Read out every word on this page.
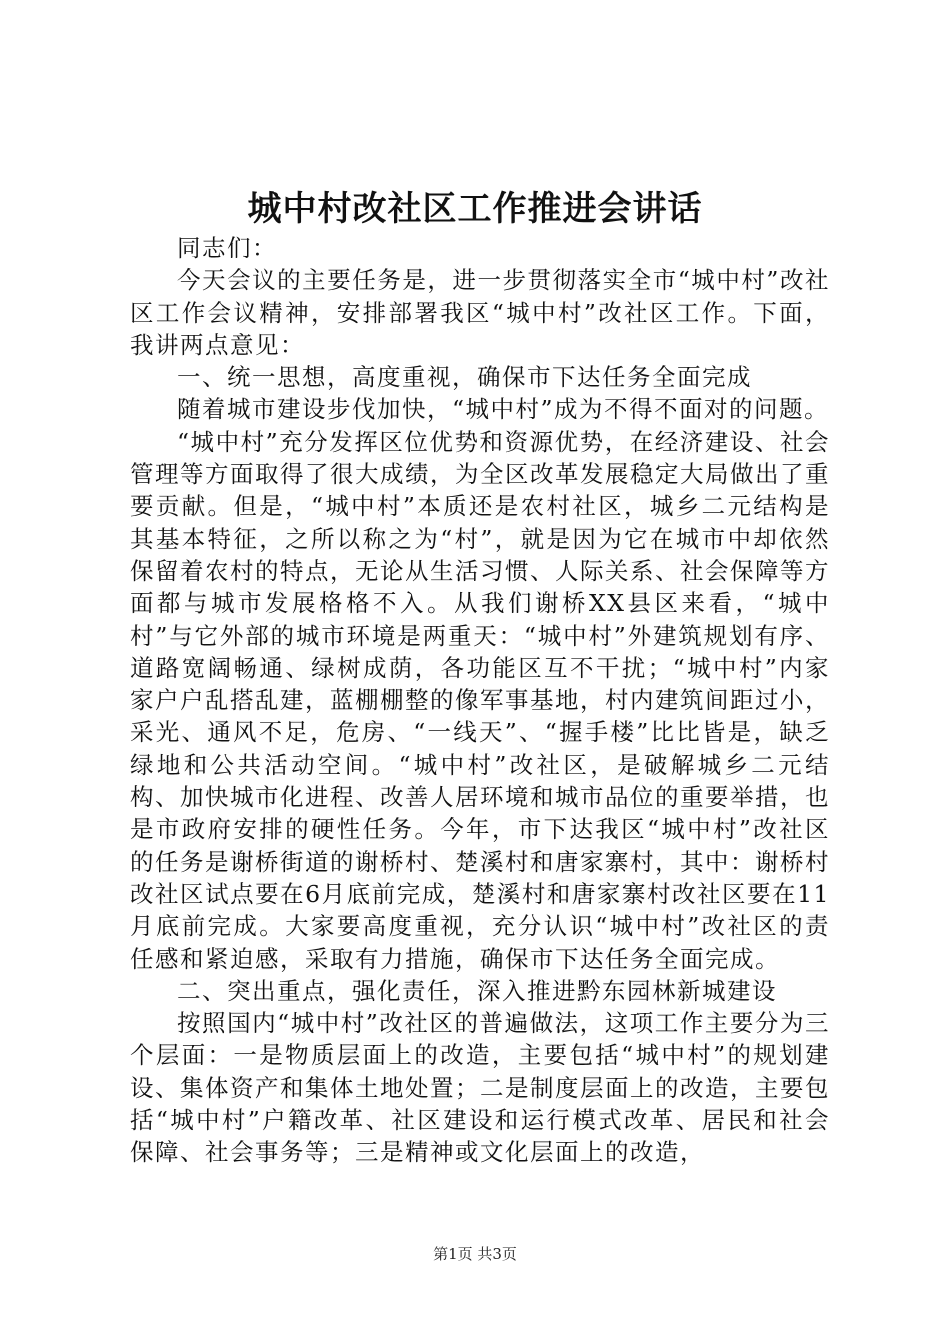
城中村改社区工作推进会讲话

同志们：

今天会议的主要任务是，进一步贯彻落实全市“城中村”改社区工作会议精神，安排部署我区“城中村”改社区工作。下面，我讲两点意见：

一、统一思想，高度重视，确保市下达任务全面完成

随着城市建设步伐加快，“城中村”成为不得不面对的问题。

“城中村”充分发挥区位优势和资源优势，在经济建设、社会管理等方面取得了很大成绩，为全区改革发展稳定大局做出了重要贡献。但是，“城中村”本质还是农村社区，城乡二元结构是其基本特征，之所以称之为“村”，就是因为它在城市中却依然保留着农村的特点，无论从生活习惯、人际关系、社会保障等方面都与城市发展格格不入。从我们谢桥XX县区来看，“城中村”与它外部的城市环境是两重天：“城中村”外建筑规划有序、道路宽阔畅通、绿树成荫，各功能区互不干扰；“城中村”内家家户户乱搭乱建，蓝棚棚整的像军事基地，村内建筑间距过小，采光、通风不足，危房、“一线天”、“握手楼”比比皆是，缺乏绿地和公共活动空间。“城中村”改社区，是破解城乡二元结构、加快城市化进程、改善人居环境和城市品位的重要举措，也是市政府安排的硬性任务。今年，市下达我区“城中村”改社区的任务是谢桥街道的谢桥村、楚溪村和唐家寨村，其中：谢桥村改社区试点要在6月底前完成，楚溪村和唐家寨村改社区要在11月底前完成。大家要高度重视，充分认识“城中村”改社区的责任感和紧迫感，采取有力措施，确保市下达任务全面完成。

二、突出重点，强化责任，深入推进黔东园林新城建设

按照国内“城中村”改社区的普遍做法，这项工作主要分为三个层面：一是物质层面上的改造，主要包括“城中村”的规划建设、集体资产和集体土地处置；二是制度层面上的改造，主要包括“城中村”户籍改革、社区建设和运行模式改革、居民和社会保障、社会事务等；三是精神或文化层面上的改造，

第1页 共3页
